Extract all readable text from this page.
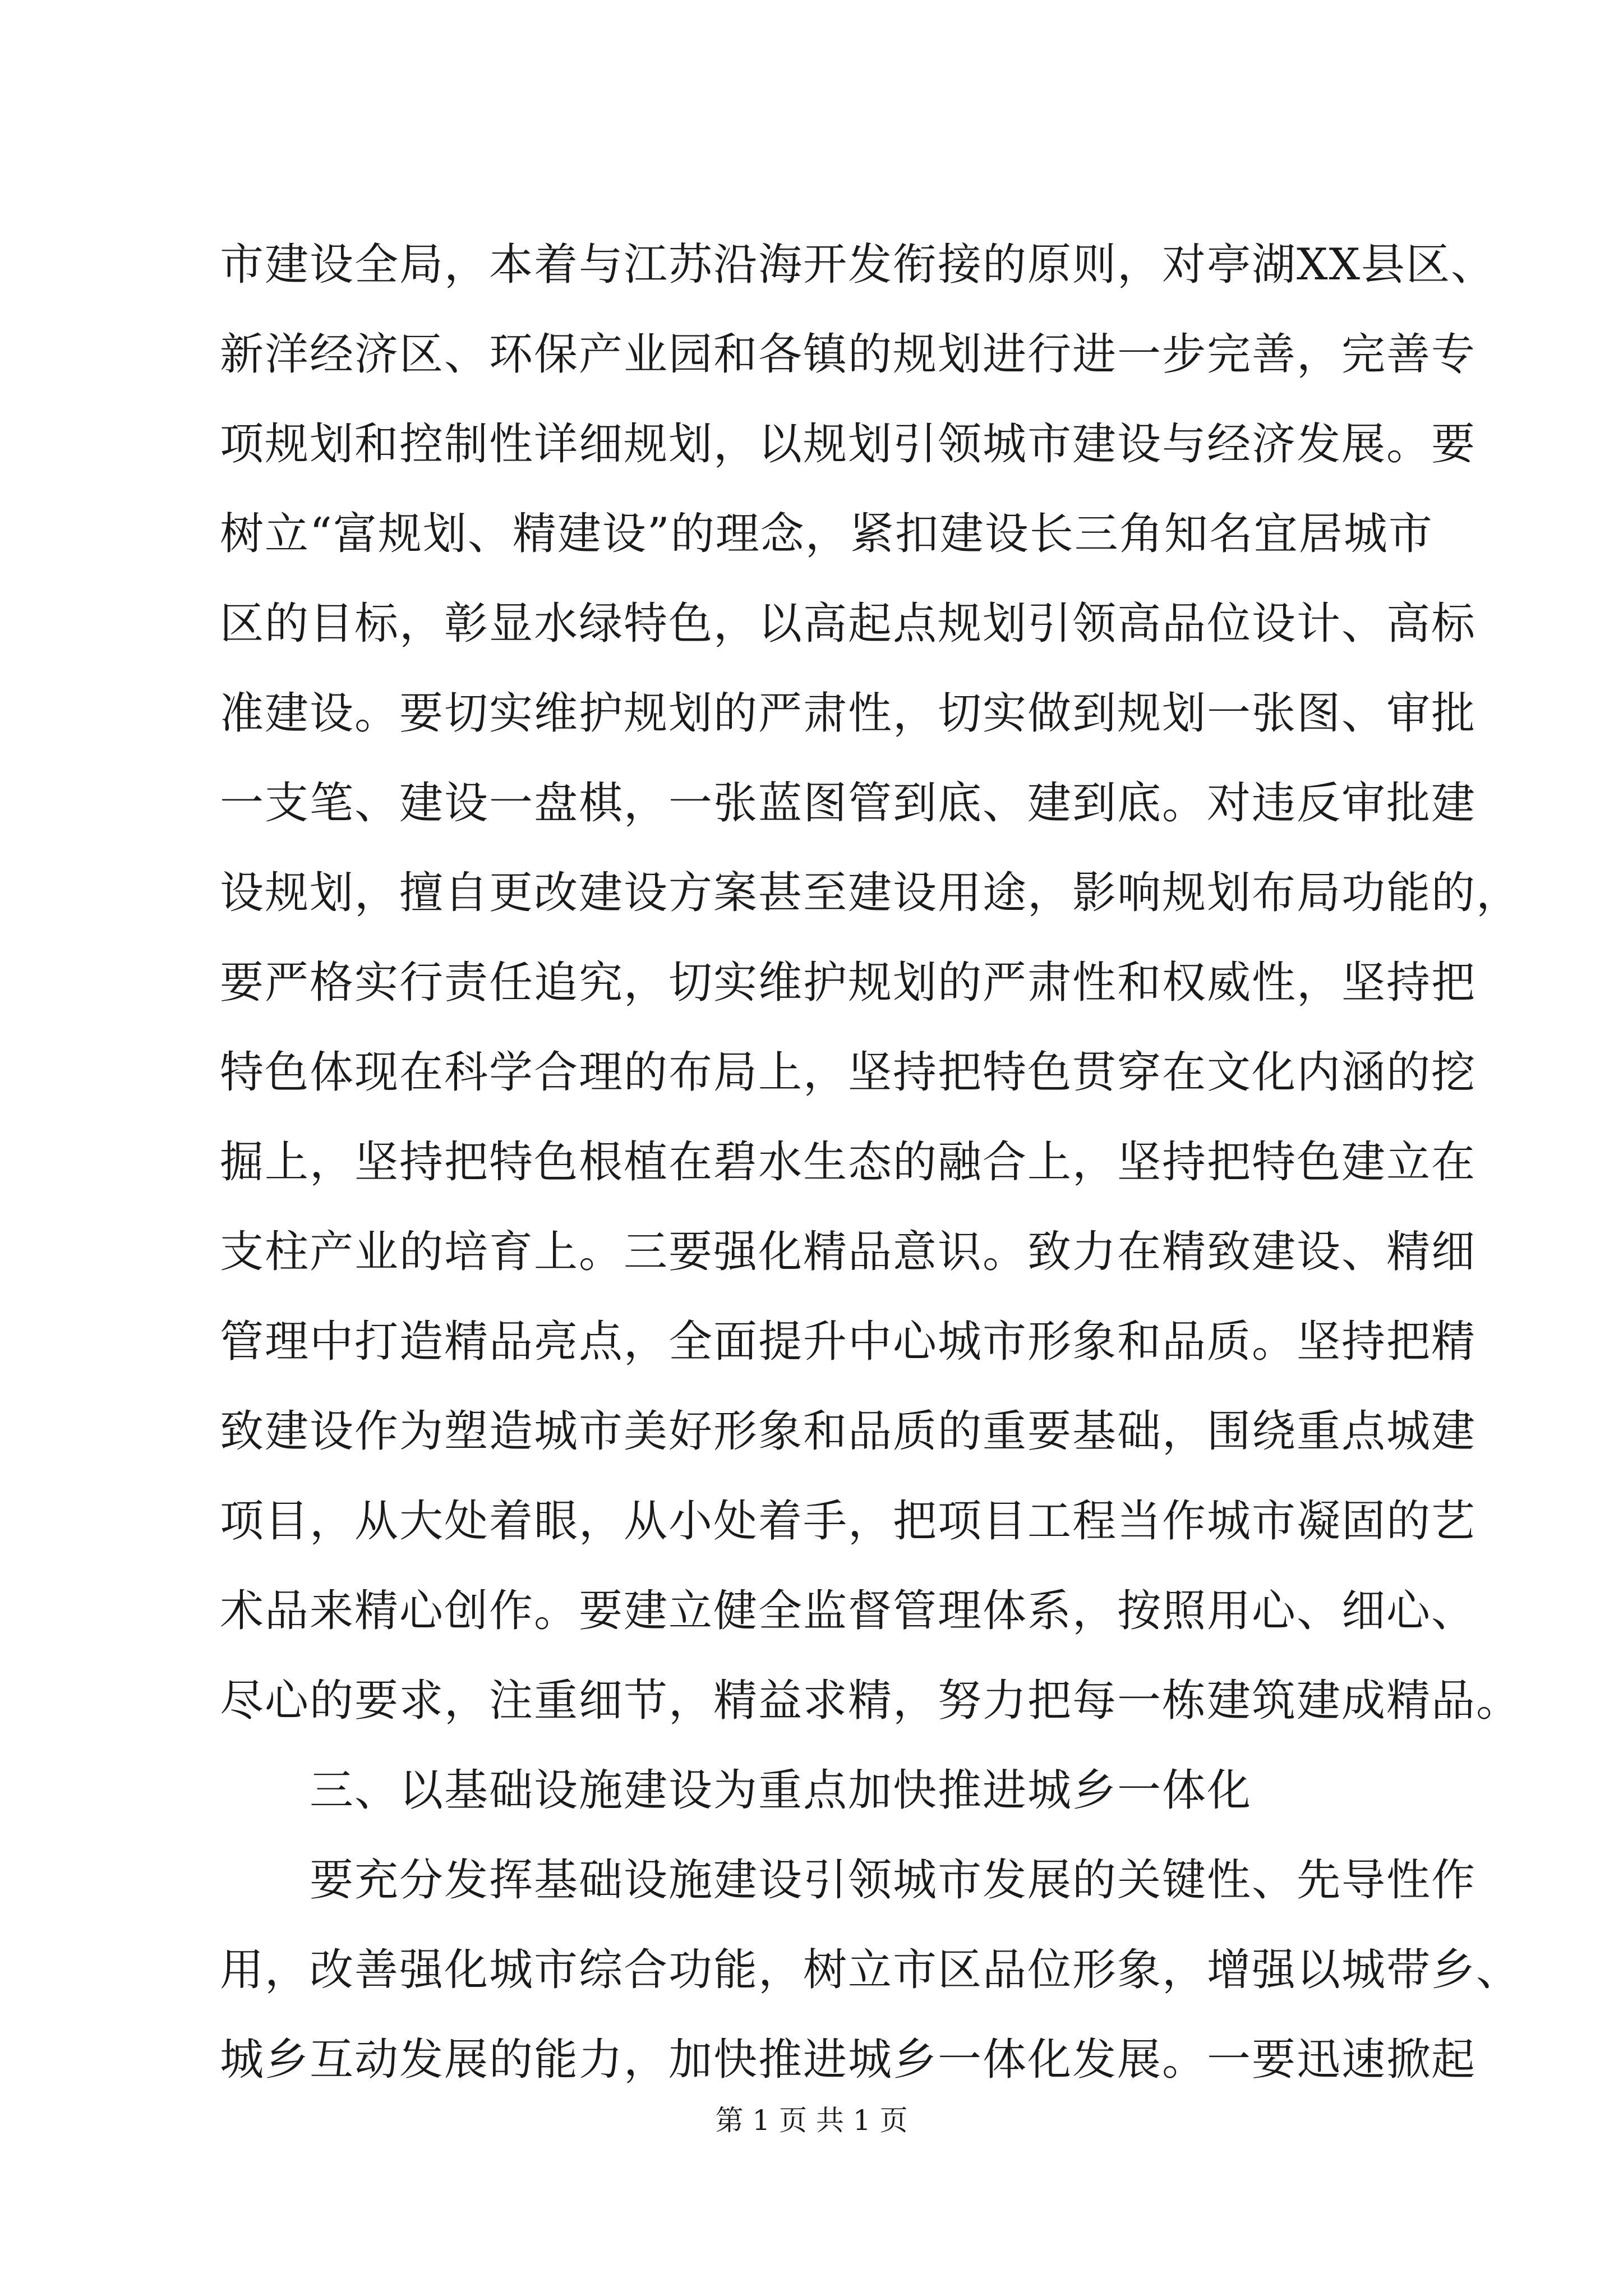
市建设全局，本着与江苏沿海开发衔接的原则，对亭湖XX县区、
新洋经济区、环保产业园和各镇的规划进行进一步完善，完善专
项规划和控制性详细规划，以规划引领城市建设与经济发展。要
树立“富规划、精建设”的理念，紧扣建设长三角知名宜居城市
区的目标，彰显水绿特色，以高起点规划引领高品位设计、高标
准建设。要切实维护规划的严肃性，切实做到规划一张图、审批
一支笔、建设一盘棋，一张蓝图管到底、建到底。对违反审批建
设规划，擅自更改建设方案甚至建设用途，影响规划布局功能的，
要严格实行责任追究，切实维护规划的严肃性和权威性，坚持把
特色体现在科学合理的布局上，坚持把特色贯穿在文化内涵的挖
掘上，坚持把特色根植在碧水生态的融合上，坚持把特色建立在
支柱产业的培育上。三要强化精品意识。致力在精致建设、精细
管理中打造精品亮点，全面提升中心城市形象和品质。坚持把精
致建设作为塑造城市美好形象和品质的重要基础，围绕重点城建
项目，从大处着眼，从小处着手，把项目工程当作城市凝固的艺
术品来精心创作。要建立健全监督管理体系，按照用心、细心、
尽心的要求，注重细节，精益求精，努力把每一栋建筑建成精品。
三、以基础设施建设为重点加快推进城乡一体化
要充分发挥基础设施建设引领城市发展的关键性、先导性作
用，改善强化城市综合功能，树立市区品位形象，增强以城带乡、
城乡互动发展的能力，加快推进城乡一体化发展。一要迅速掀起
第 1 页 共 1 页
